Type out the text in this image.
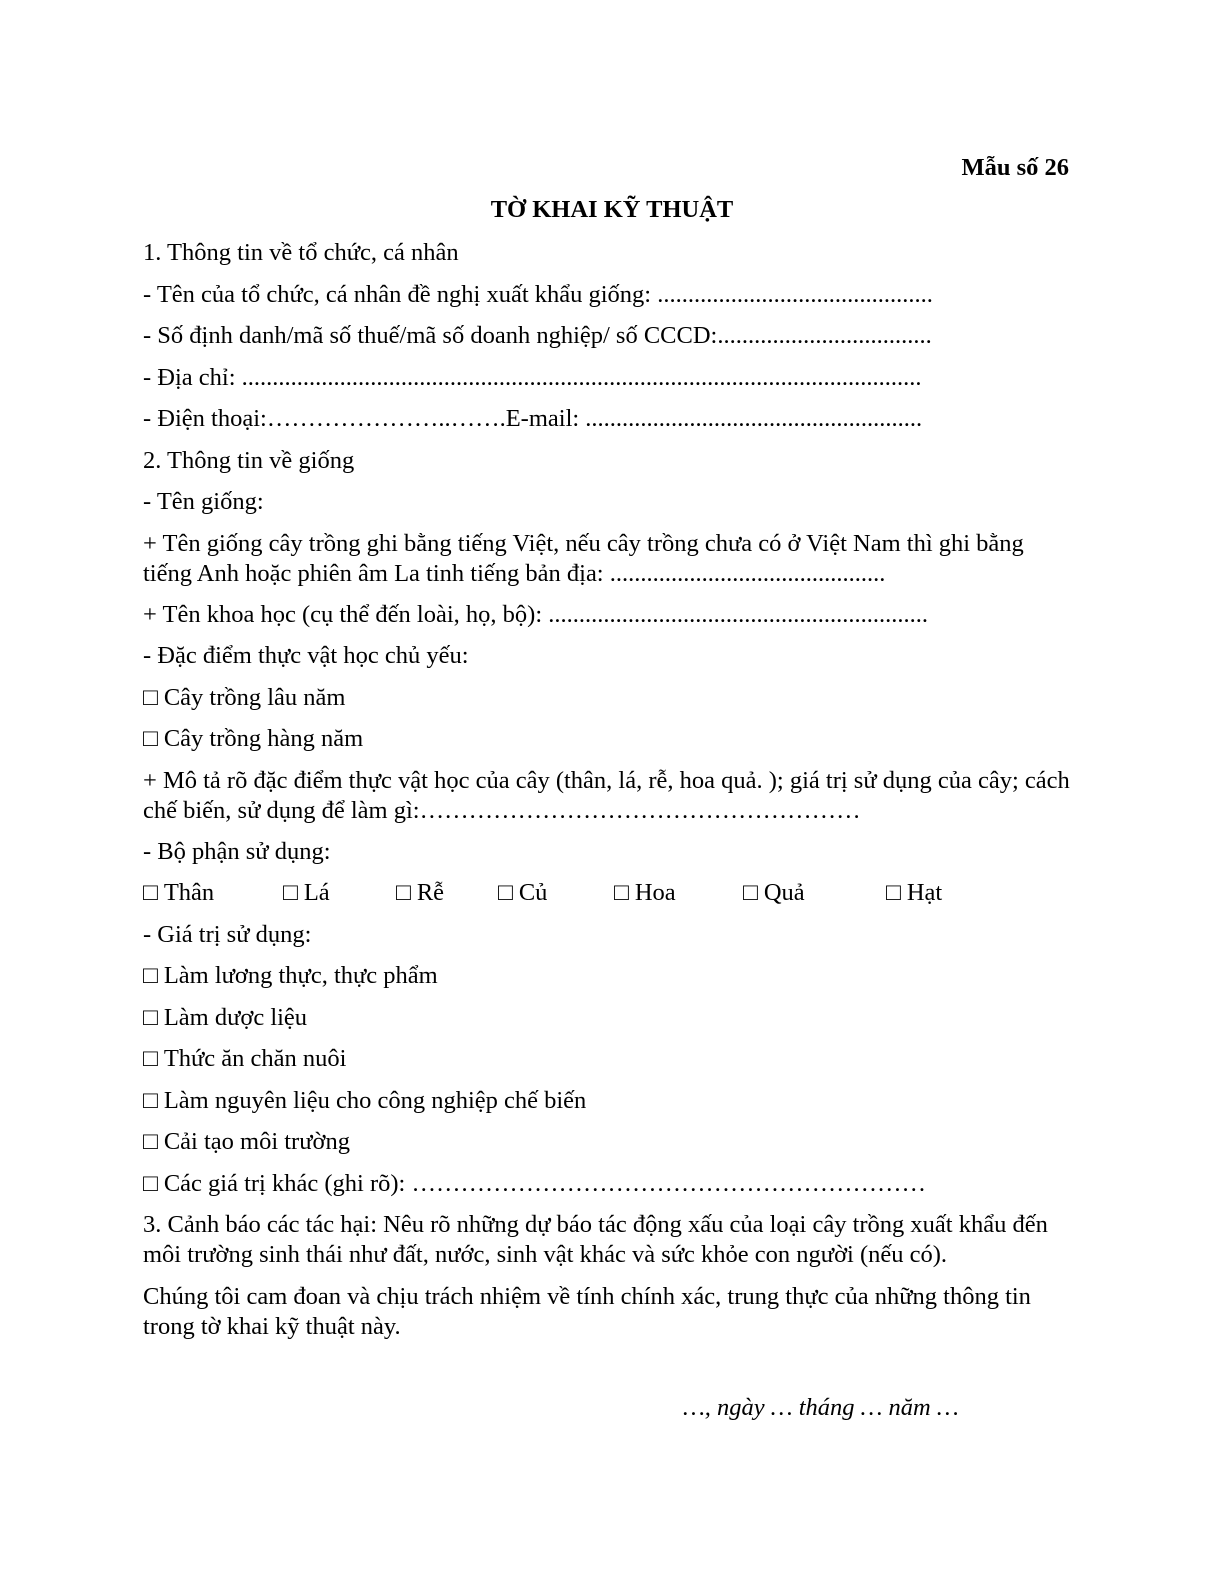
Mẫu số 26
TỜ KHAI KỸ THUẬT
1. Thông tin về tổ chức, cá nhân
- Tên của tổ chức, cá nhân đề nghị xuất khẩu giống: .............................................
- Số định danh/mã số thuế/mã số doanh nghiệp/ số CCCD:...................................
- Địa chỉ: ...............................................................................................................
- Điện thoại:…………………..…….E-mail: .......................................................
2. Thông tin về giống
- Tên giống:
+ Tên giống cây trồng ghi bằng tiếng Việt, nếu cây trồng chưa có ở Việt Nam thì ghi bằng tiếng Anh hoặc phiên âm La tinh tiếng bản địa: .............................................
+ Tên khoa học (cụ thể đến loài, họ, bộ): ..............................................................
- Đặc điểm thực vật học chủ yếu:
□ Cây trồng lâu năm
□ Cây trồng hàng năm
+ Mô tả rõ đặc điểm thực vật học của cây (thân, lá, rễ, hoa quả. ); giá trị sử dụng của cây; cách chế biến, sử dụng để làm gì:………………………………………………
- Bộ phận sử dụng:
□ Thân	□ Lá	□ Rễ □ Củ	□ Hoa	□ Quả	□ Hạt
- Giá trị sử dụng:
□ Làm lương thực, thực phẩm
□ Làm dược liệu
□ Thức ăn chăn nuôi
□ Làm nguyên liệu cho công nghiệp chế biến
□ Cải tạo môi trường
□ Các giá trị khác (ghi rõ): ………………………………………………………
3. Cảnh báo các tác hại: Nêu rõ những dự báo tác động xấu của loại cây trồng xuất khẩu đến môi trường sinh thái như đất, nước, sinh vật khác và sức khỏe con người (nếu có).
Chúng tôi cam đoan và chịu trách nhiệm về tính chính xác, trung thực của những thông tin trong tờ khai kỹ thuật này.
…, ngày … tháng … năm …
